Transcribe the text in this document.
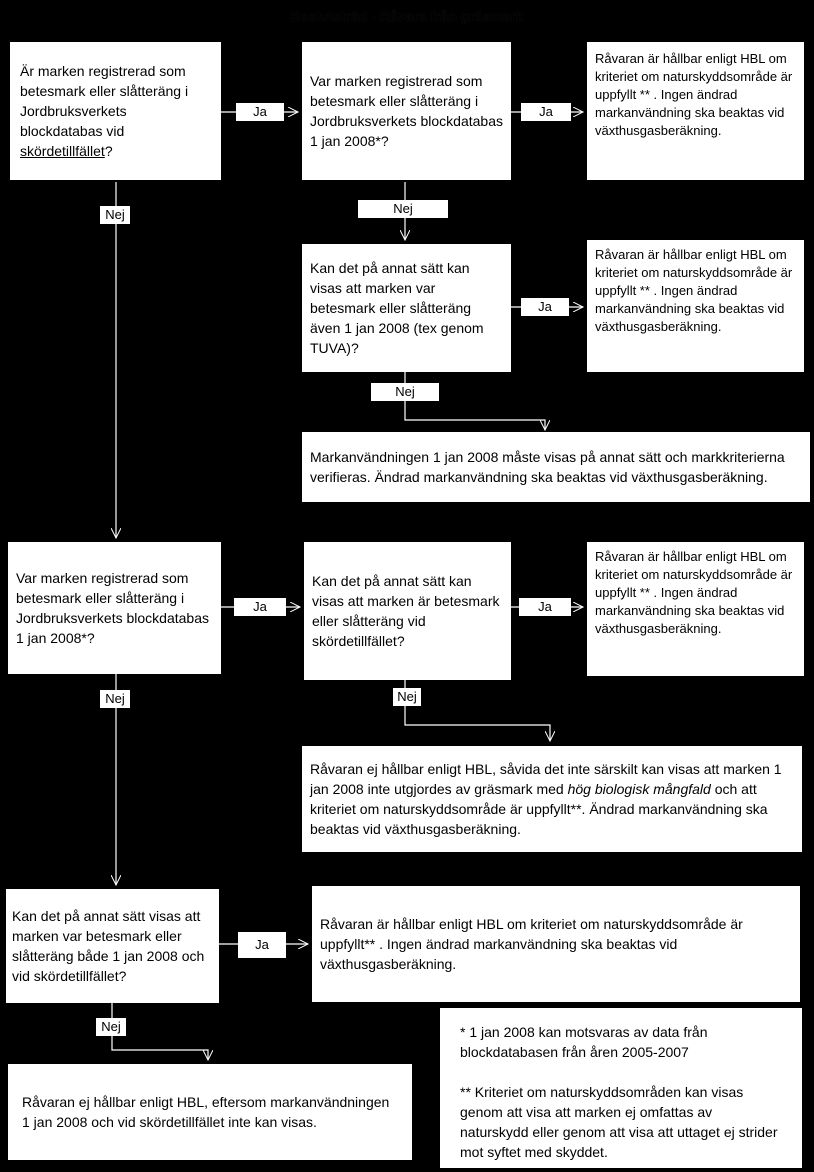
Beslutsträd - Råvara från gräsmark
Är marken registrerad som betesmark eller slåtteräng i Jordbruksverkets blockdatabas vid skördetillfället?
Var marken registrerad som betesmark eller slåtteräng i Jordbruksverkets blockdatabas 1 jan 2008*?
Råvaran är hållbar enligt HBL om kriteriet om naturskyddsområde är uppfyllt ** . Ingen ändrad markanvändning ska beaktas vid växthusgasberäkning.
Kan det på annat sätt kan visas att marken var betesmark eller slåtteräng även 1 jan 2008 (tex genom TUVA)?
Råvaran är hållbar enligt HBL om kriteriet om naturskyddsområde är uppfyllt ** . Ingen ändrad markanvändning ska beaktas vid växthusgasberäkning.
Markanvändningen 1 jan 2008 måste visas på annat sätt och markkriterierna verifieras. Ändrad markanvändning ska beaktas vid växthusgasberäkning.
Var marken registrerad som betesmark eller slåtteräng i Jordbruksverkets blockdatabas 1 jan 2008*?
Kan det på annat sätt kan visas att marken är betesmark eller slåtteräng vid skördetillfället?
Råvaran är hållbar enligt HBL om kriteriet om naturskyddsområde är uppfyllt ** . Ingen ändrad markanvändning ska beaktas vid växthusgasberäkning.
Råvaran ej hållbar enligt HBL, såvida det inte särskilt kan visas att marken 1 jan 2008 inte utgjordes av gräsmark med hög biologisk mångfald och att kriteriet om naturskyddsområde är uppfyllt**. Ändrad markanvändning ska beaktas vid växthusgasberäkning.
Kan det på annat sätt visas att marken var betesmark eller slåtteräng både 1 jan 2008 och vid skördetillfället?
Råvaran är hållbar enligt HBL om kriteriet om naturskyddsområde är uppfyllt** . Ingen ändrad markanvändning ska beaktas vid växthusgasberäkning.

* 1 jan 2008 kan motsvaras av data från blockdatabasen från åren 2005-2007

** Kriteriet om naturskyddsområden kan visas genom att visa att marken ej omfattas av naturskydd eller genom att visa att uttaget ej strider mot syftet med skyddet.

Råvaran ej hållbar enligt HBL, eftersom markanvändningen 1 jan 2008 och vid skördetillfället inte kan visas.
Ja	Ja
Nej
Ja
Nej
Nej
Ja	Ja
Nej
Nej
Ja
Nej
